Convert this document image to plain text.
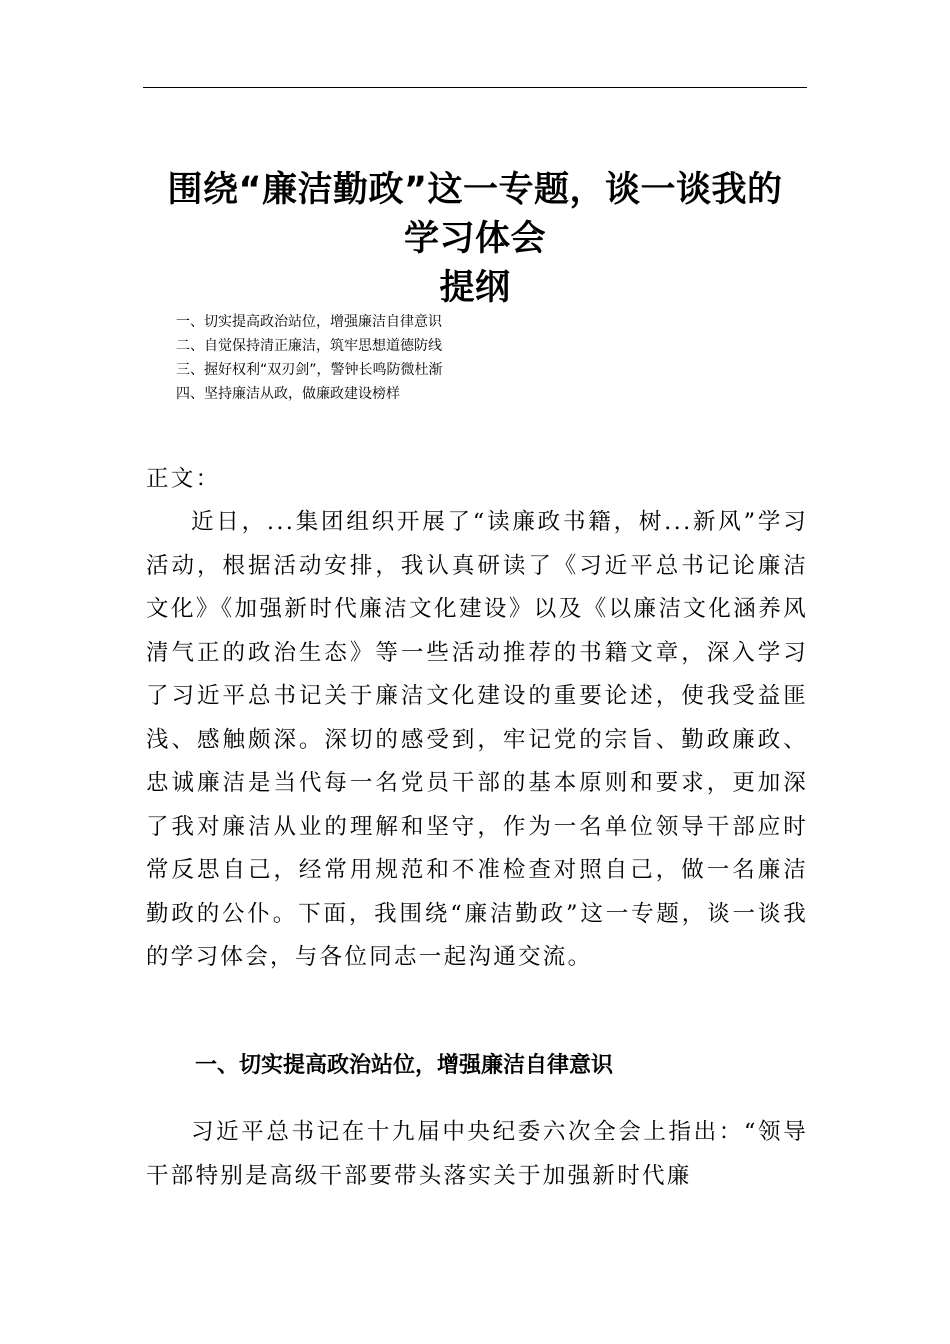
围绕“廉洁勤政”这一专题，谈一谈我的
学习体会
提纲
一、切实提高政治站位，增强廉洁自律意识
二、自觉保持清正廉洁，筑牢思想道德防线
三、握好权利“双刃剑”，警钟长鸣防微杜渐
四、坚持廉洁从政，做廉政建设榜样
正文：

近日，...集团组织开展了“读廉政书籍，树...新风”学习活动，根据活动安排，我认真研读了《习近平总书记论廉洁文化》《加强新时代廉洁文化建设》以及《以廉洁文化涵养风清气正的政治生态》等一些活动推荐的书籍文章，深入学习了习近平总书记关于廉洁文化建设的重要论述，使我受益匪浅、感触颇深。深切的感受到，牢记党的宗旨、勤政廉政、忠诚廉洁是当代每一名党员干部的基本原则和要求，更加深了我对廉洁从业的理解和坚守，作为一名单位领导干部应时常反思自己，经常用规范和不准检查对照自己，做一名廉洁勤政的公仆。下面，我围绕“廉洁勤政”这一专题，谈一谈我的学习体会，与各位同志一起沟通交流。

一、切实提高政治站位，增强廉洁自律意识

习近平总书记在十九届中央纪委六次全会上指出：“领导干部特别是高级干部要带头落实关于加强新时代廉
